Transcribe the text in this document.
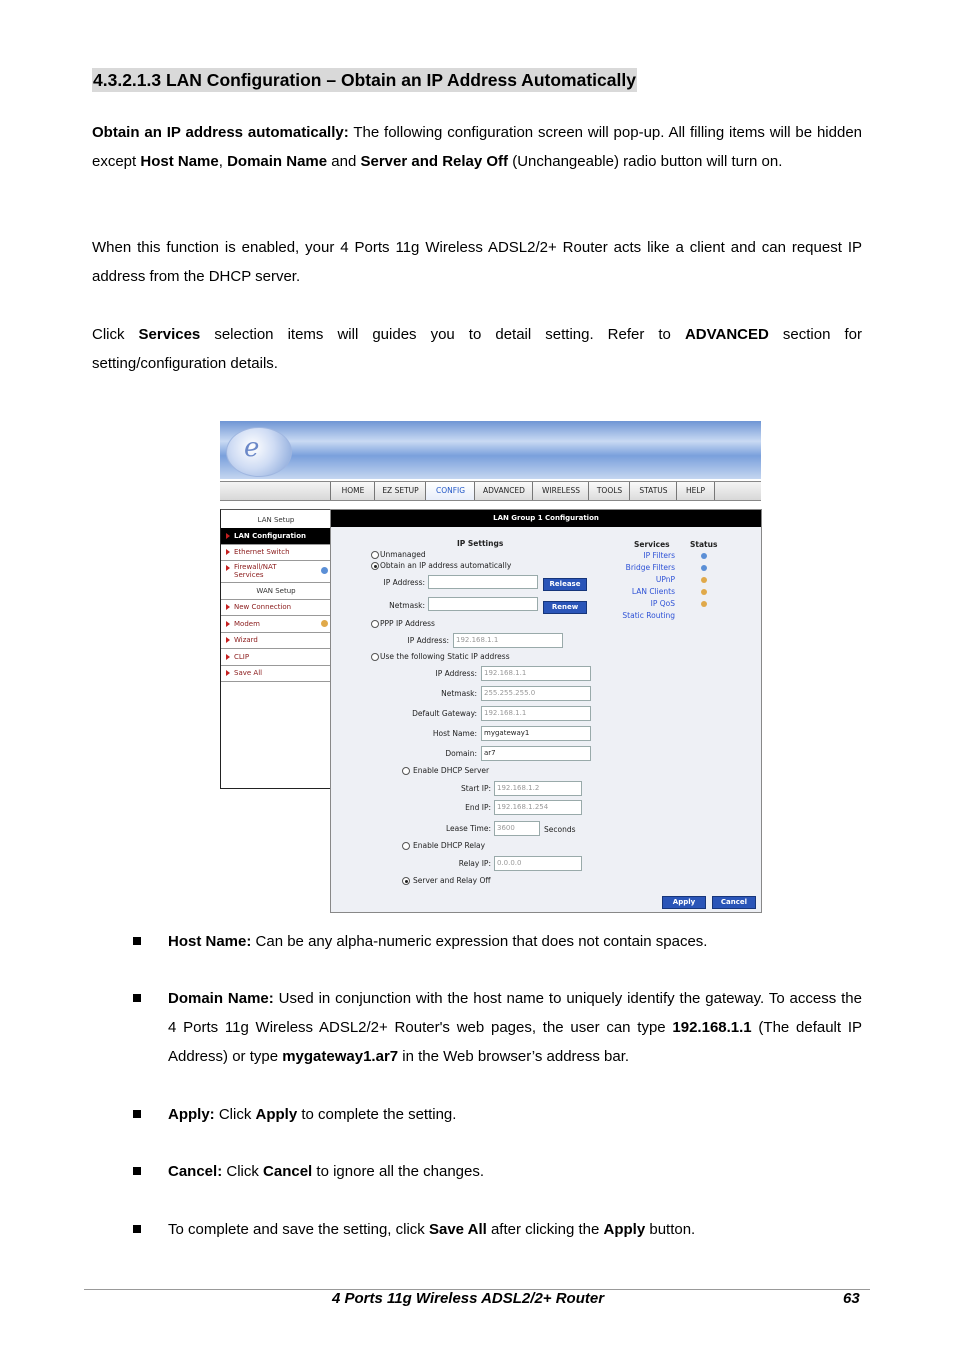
4.3.2.1.3 LAN Configuration – Obtain an IP Address Automatically
Obtain an IP address automatically: The following configuration screen will pop-up. All filling items will be hidden except Host Name, Domain Name and Server and Relay Off (Unchangeable) radio button will turn on.
When this function is enabled, your 4 Ports 11g Wireless ADSL2/2+ Router acts like a client and can request IP address from the DHCP server.
Click Services selection items will guides you to detail setting. Refer to ADVANCED section for setting/configuration details.
e
HOME	EZ SETUP	CONFIG	ADVANCED	WIRELESS	TOOLS	STATUS	HELP
LAN Setup
LAN Configuration
Ethernet Switch
Firewall/NAT Services
WAN Setup
New Connection
Modem
Wizard
CLIP
Save All
LAN Group 1 Configuration
IP Settings
Unmanaged
Obtain an IP address automatically
IP Address:	Release
Netmask:	Renew
PPP IP Address
IP Address:	192.168.1.1
Use the following Static IP address
IP Address:	192.168.1.1
Netmask:	255.255.255.0
Default Gateway:	192.168.1.1
Host Name:	mygateway1
Domain:	ar7
Enable DHCP Server
Start IP: 192.168.1.2
End IP: 192.168.1.254
Lease Time: 3600	Seconds
Enable DHCP Relay
Relay IP: 0.0.0.0
Server and Relay Off
Services	Status
IP Filters
Bridge Filters
UPnP
LAN Clients
IP QoS
Static Routing
Apply	Cancel
Host Name: Can be any alpha-numeric expression that does not contain spaces.
Domain Name: Used in conjunction with the host name to uniquely identify the gateway. To access the 4 Ports 11g Wireless ADSL2/2+ Router's web pages, the user can type 192.168.1.1 (The default IP Address) or type mygateway1.ar7 in the Web browser’s address bar.
Apply: Click Apply to complete the setting.
Cancel: Click Cancel to ignore all the changes.
To complete and save the setting, click Save All after clicking the Apply button.
4 Ports 11g Wireless ADSL2/2+ Router	63
